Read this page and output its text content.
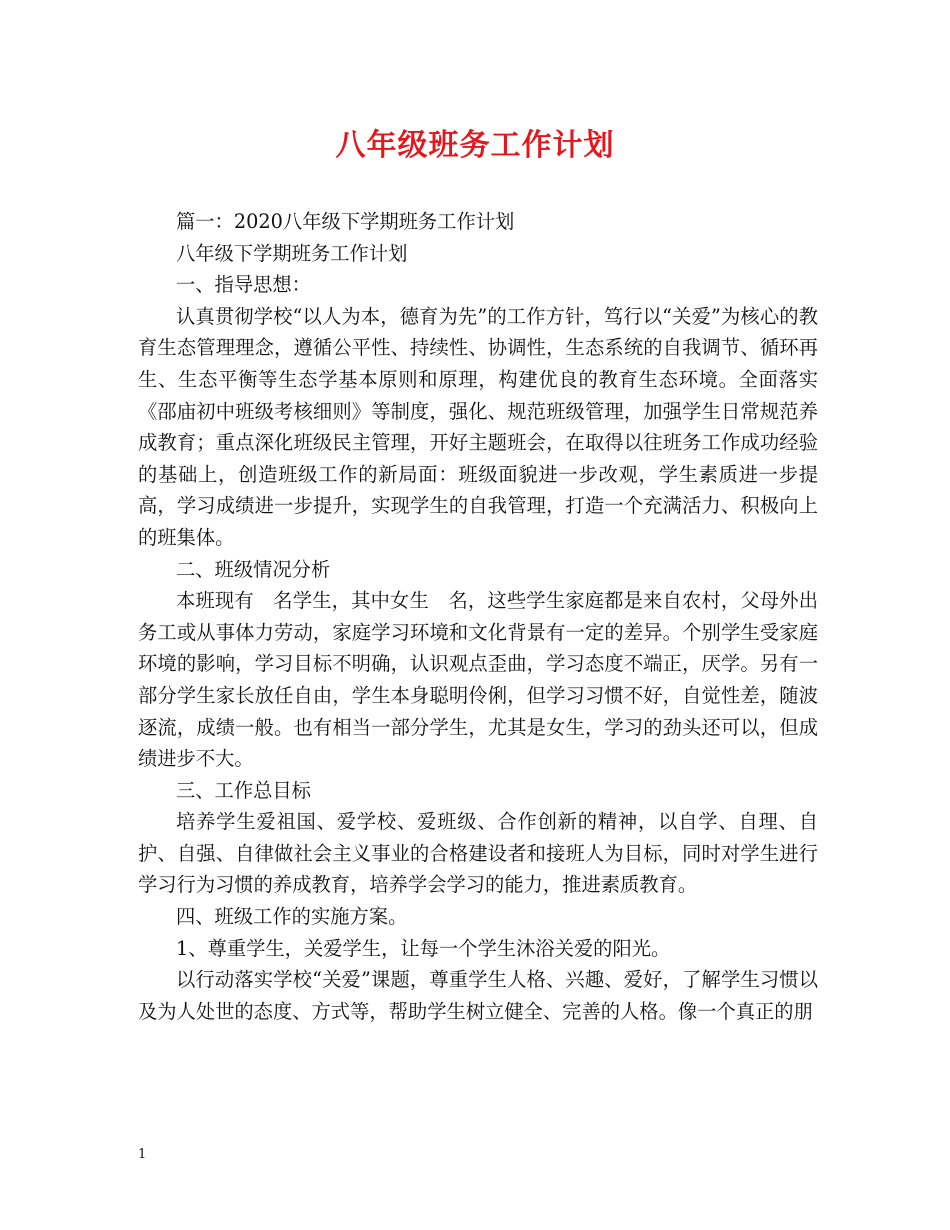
八年级班务工作计划

篇一：2020八年级下学期班务工作计划

八年级下学期班务工作计划

一、指导思想：

认真贯彻学校“以人为本，德育为先”的工作方针，笃行以“关爱”为核心的教育生态管理理念，遵循公平性、持续性、协调性，生态系统的自我调节、循环再生、生态平衡等生态学基本原则和原理，构建优良的教育生态环境。全面落实《邵庙初中班级考核细则》等制度，强化、规范班级管理，加强学生日常规范养成教育；重点深化班级民主管理，开好主题班会，在取得以往班务工作成功经验的基础上，创造班级工作的新局面：班级面貌进一步改观，学生素质进一步提高，学习成绩进一步提升，实现学生的自我管理，打造一个充满活力、积极向上的班集体。

二、班级情况分析

本班现有　名学生，其中女生　名，这些学生家庭都是来自农村，父母外出务工或从事体力劳动，家庭学习环境和文化背景有一定的差异。个别学生受家庭环境的影响，学习目标不明确，认识观点歪曲，学习态度不端正，厌学。另有一部分学生家长放任自由，学生本身聪明伶俐，但学习习惯不好，自觉性差，随波逐流，成绩一般。也有相当一部分学生，尤其是女生，学习的劲头还可以，但成绩进步不大。

三、工作总目标

培养学生爱祖国、爱学校、爱班级、合作创新的精神，以自学、自理、自护、自强、自律做社会主义事业的合格建设者和接班人为目标，同时对学生进行学习行为习惯的养成教育，培养学会学习的能力，推进素质教育。

四、班级工作的实施方案。

1、尊重学生，关爱学生，让每一个学生沐浴关爱的阳光。

以行动落实学校“关爱”课题，尊重学生人格、兴趣、爱好，了解学生习惯以及为人处世的态度、方式等，帮助学生树立健全、完善的人格。像一个真正的朋

1
